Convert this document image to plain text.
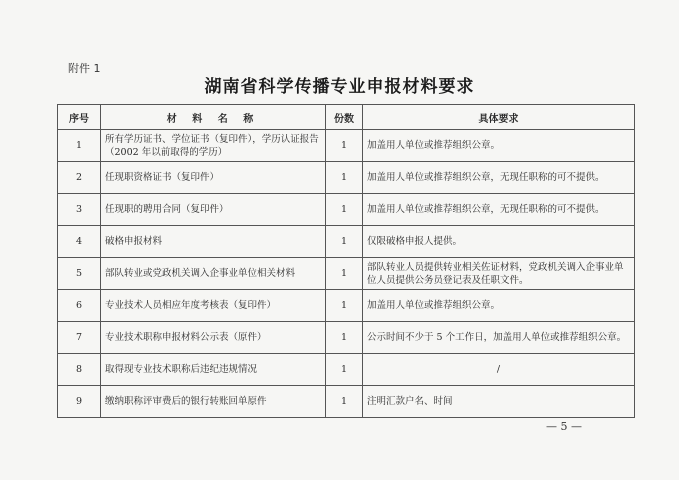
附件 1
湖南省科学传播专业申报材料要求
序号	材 料 名 称	份数	具体要求
1	所有学历证书、学位证书（复印件），学历认证报告（2002 年以前取得的学历）	1	加盖用人单位或推荐组织公章。
2	任现职资格证书（复印件）	1	加盖用人单位或推荐组织公章，无现任职称的可不提供。
3	任现职的聘用合同（复印件）	1	加盖用人单位或推荐组织公章，无现任职称的可不提供。
4	破格申报材料	1	仅限破格申报人提供。
5	部队转业或党政机关调入企事业单位相关材料	1	部队转业人员提供转业相关佐证材料，党政机关调入企事业单位人员提供公务员登记表及任职文件。
6	专业技术人员相应年度考核表（复印件）	1	加盖用人单位或推荐组织公章。
7	专业技术职称申报材料公示表（原件）	1	公示时间不少于 5 个工作日，加盖用人单位或推荐组织公章。
8	取得现专业技术职称后违纪违规情况	1	/
9	缴纳职称评审费后的银行转账回单原件	1	注明汇款户名、时间
— 5 —
